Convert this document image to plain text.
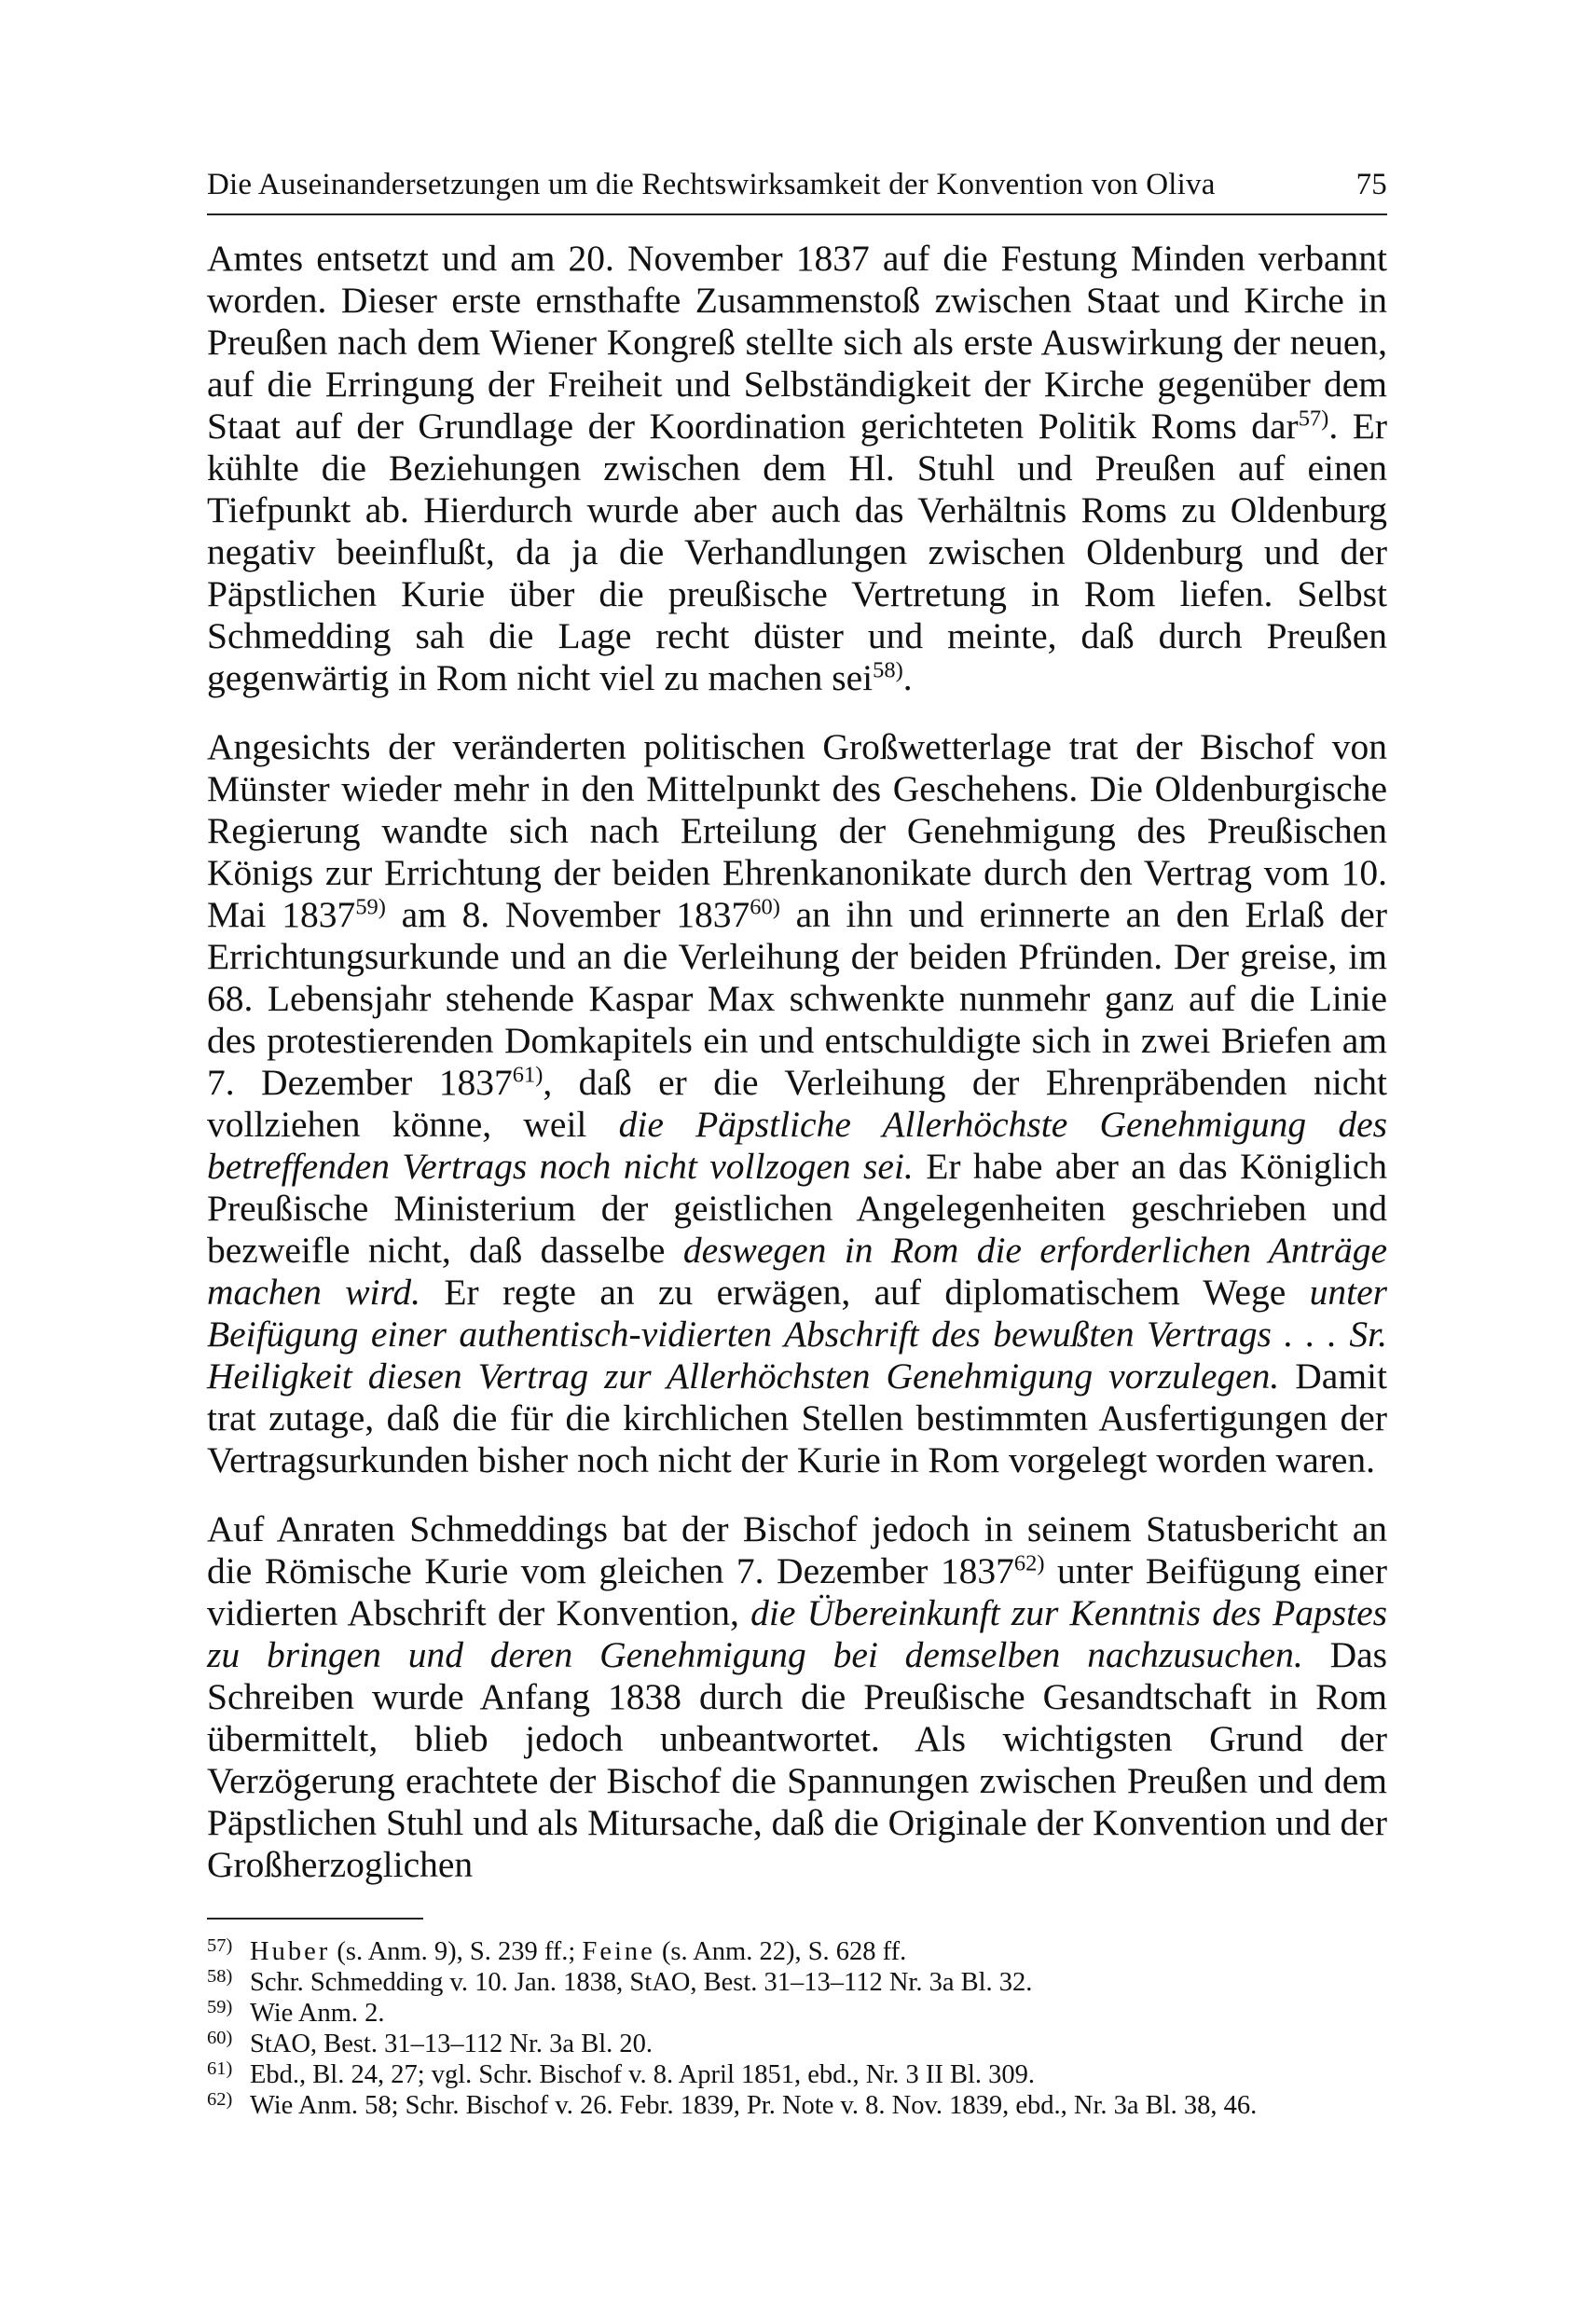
Die Auseinandersetzungen um die Rechtswirksamkeit der Konvention von Oliva	75

Amtes entsetzt und am 20. November 1837 auf die Festung Minden verbannt worden. Dieser erste ernsthafte Zusammenstoß zwischen Staat und Kirche in Preußen nach dem Wiener Kongreß stellte sich als erste Auswirkung der neuen, auf die Erringung der Freiheit und Selbständigkeit der Kirche gegenüber dem Staat auf der Grundlage der Koordination gerichteten Politik Roms dar$^{57)}$. Er kühlte die Beziehungen zwischen dem Hl. Stuhl und Preußen auf einen Tiefpunkt ab. Hierdurch wurde aber auch das Verhältnis Roms zu Oldenburg negativ beeinflußt, da ja die Verhandlungen zwischen Oldenburg und der Päpstlichen Kurie über die preußische Vertretung in Rom liefen. Selbst Schmedding sah die Lage recht düster und meinte, daß durch Preußen gegenwärtig in Rom nicht viel zu machen sei$^{58)}$.

Angesichts der veränderten politischen Großwetterlage trat der Bischof von Münster wieder mehr in den Mittelpunkt des Geschehens. Die Oldenburgische Regierung wandte sich nach Erteilung der Genehmigung des Preußischen Königs zur Errichtung der beiden Ehrenkanonikate durch den Vertrag vom 10. Mai 1837$^{59)}$ am 8. November 1837$^{60)}$ an ihn und erinnerte an den Erlaß der Errichtungsurkunde und an die Verleihung der beiden Pfründen. Der greise, im 68. Lebensjahr stehende Kaspar Max schwenkte nunmehr ganz auf die Linie des protestierenden Domkapitels ein und entschuldigte sich in zwei Briefen am 7. Dezember 1837$^{61)}$, daß er die Verleihung der Ehrenpräbenden nicht vollziehen könne, weil die Päpstliche Allerhöchste Genehmigung des betreffenden Vertrags noch nicht vollzogen sei. Er habe aber an das Königlich Preußische Ministerium der geistlichen Angelegenheiten geschrieben und bezweifle nicht, daß dasselbe deswegen in Rom die erforderlichen Anträge machen wird. Er regte an zu erwägen, auf diplomatischem Wege unter Beifügung einer authentisch-vidierten Abschrift des bewußten Vertrags . . . Sr. Heiligkeit diesen Vertrag zur Allerhöchsten Genehmigung vorzulegen. Damit trat zutage, daß die für die kirchlichen Stellen bestimmten Ausfertigungen der Vertragsurkunden bisher noch nicht der Kurie in Rom vorgelegt worden waren.

Auf Anraten Schmeddings bat der Bischof jedoch in seinem Statusbericht an die Römische Kurie vom gleichen 7. Dezember 1837$^{62)}$ unter Beifügung einer vidierten Abschrift der Konvention, die Übereinkunft zur Kenntnis des Papstes zu bringen und deren Genehmigung bei demselben nachzusuchen. Das Schreiben wurde Anfang 1838 durch die Preußische Gesandtschaft in Rom übermittelt, blieb jedoch unbeantwortet. Als wichtigsten Grund der Verzögerung erachtete der Bischof die Spannungen zwischen Preußen und dem Päpstlichen Stuhl und als Mitursache, daß die Originale der Konvention und der Großherzoglichen

$^{57)}$ Huber (s. Anm. 9), S. 239 ff.; Feine (s. Anm. 22), S. 628 ff.
$^{58)}$ Schr. Schmedding v. 10. Jan. 1838, StAO, Best. 31–13–112 Nr. 3a Bl. 32.
$^{59)}$ Wie Anm. 2.
$^{60)}$ StAO, Best. 31–13–112 Nr. 3a Bl. 20.
$^{61)}$ Ebd., Bl. 24, 27; vgl. Schr. Bischof v. 8. April 1851, ebd., Nr. 3 II Bl. 309.
$^{62)}$ Wie Anm. 58; Schr. Bischof v. 26. Febr. 1839, Pr. Note v. 8. Nov. 1839, ebd., Nr. 3a Bl. 38, 46.
